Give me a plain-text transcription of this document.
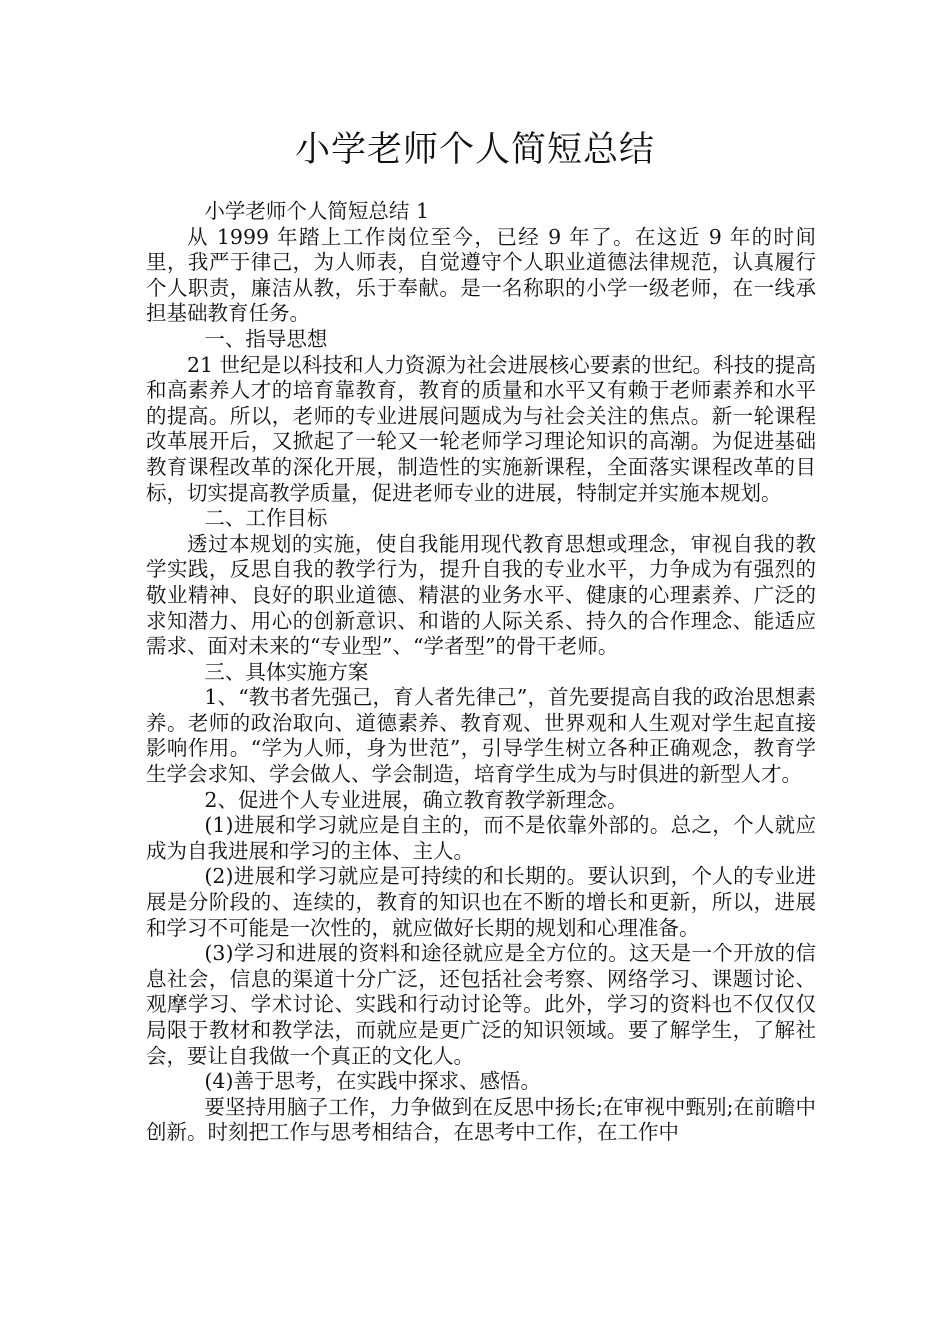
小学老师个人简短总结

小学老师个人简短总结 1

从 1999 年踏上工作岗位至今，已经 9 年了。在这近 9 年的时间里，我严于律己，为人师表，自觉遵守个人职业道德法律规范，认真履行个人职责，廉洁从教，乐于奉献。是一名称职的小学一级老师，在一线承担基础教育任务。

一、指导思想

21 世纪是以科技和人力资源为社会进展核心要素的世纪。科技的提高和高素养人才的培育靠教育，教育的质量和水平又有赖于老师素养和水平的提高。所以，老师的专业进展问题成为与社会关注的焦点。新一轮课程改革展开后，又掀起了一轮又一轮老师学习理论知识的高潮。为促进基础教育课程改革的深化开展，制造性的实施新课程，全面落实课程改革的目标，切实提高教学质量，促进老师专业的进展，特制定并实施本规划。

二、工作目标

透过本规划的实施，使自我能用现代教育思想或理念，审视自我的教学实践，反思自我的教学行为，提升自我的专业水平，力争成为有强烈的敬业精神、良好的职业道德、精湛的业务水平、健康的心理素养、广泛的求知潜力、用心的创新意识、和谐的人际关系、持久的合作理念、能适应需求、面对未来的“专业型”、“学者型”的骨干老师。

三、具体实施方案

1、“教书者先强己，育人者先律己”，首先要提高自我的政治思想素养。老师的政治取向、道德素养、教育观、世界观和人生观对学生起直接影响作用。“学为人师，身为世范”，引导学生树立各种正确观念，教育学生学会求知、学会做人、学会制造，培育学生成为与时俱进的新型人才。

2、促进个人专业进展，确立教育教学新理念。

(1)进展和学习就应是自主的，而不是依靠外部的。总之，个人就应成为自我进展和学习的主体、主人。

(2)进展和学习就应是可持续的和长期的。要认识到，个人的专业进展是分阶段的、连续的，教育的知识也在不断的增长和更新，所以，进展和学习不可能是一次性的，就应做好长期的规划和心理准备。

(3)学习和进展的资料和途径就应是全方位的。这天是一个开放的信息社会，信息的渠道十分广泛，还包括社会考察、网络学习、课题讨论、观摩学习、学术讨论、实践和行动讨论等。此外，学习的资料也不仅仅仅局限于教材和教学法，而就应是更广泛的知识领域。要了解学生，了解社会，要让自我做一个真正的文化人。

(4)善于思考，在实践中探求、感悟。

要坚持用脑子工作，力争做到在反思中扬长;在审视中甄别;在前瞻中创新。时刻把工作与思考相结合，在思考中工作，在工作中
